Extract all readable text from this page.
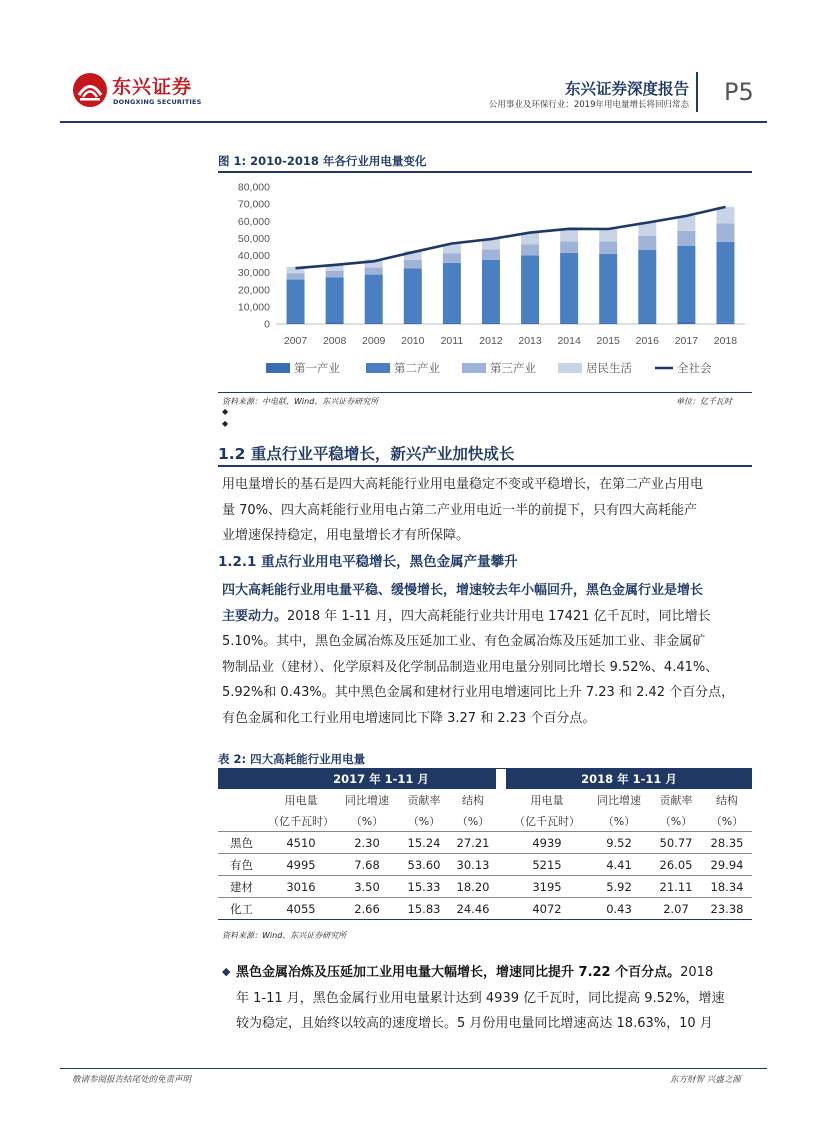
东兴证券
DONGXING SECURITIES
东兴证券深度报告
公用事业及环保行业：2019年用电量增长将回归常态 P5
图 1: 2010-2018 年各行业用电量变化
0
10,000
20,000
30,000
40,000
50,000
60,000
70,000
80,000
2007 2008 2009 2010 2011 2012 2013 2014 2015 2016 2017 2018
第一产业	第二产业	第三产业	居民生活	全社会
资料来源：中电联、Wind、东兴证券研究所	单位：亿千瓦时
◆
◆
1.2 重点行业平稳增长，新兴产业加快成长
用电量增长的基石是四大高耗能行业用电量稳定不变或平稳增长，在第二产业占用电
量 70%、四大高耗能行业用电占第二产业用电近一半的前提下，只有四大高耗能产
业增速保持稳定，用电量增长才有所保障。
1.2.1 重点行业用电平稳增长，黑色金属产量攀升
四大高耗能行业用电量平稳、缓慢增长，增速较去年小幅回升，黑色金属行业是增长
主要动力。2018 年 1-11 月，四大高耗能行业共计用电 17421 亿千瓦时，同比增长
5.10%。其中，黑色金属冶炼及压延加工业、有色金属冶炼及压延加工业、非金属矿
物制品业（建材）、化学原料及化学制品制造业用电量分别同比增长 9.52%、4.41%、
5.92%和 0.43%。其中黑色金属和建材行业用电增速同比上升 7.23 和 2.42 个百分点，
有色金属和化工行业用电增速同比下降 3.27 和 2.23 个百分点。
表 2: 四大高耗能行业用电量
	2017 年 1-11 月					2018 年 1-11 月			
	用电量	同比增速	贡献率	结构		用电量	同比增速	贡献率	结构
	（亿千瓦时）	（%）	（%）	（%）		（亿千瓦时）	（%）	（%）	（%）
黑色	4510	2.30	15.24	27.21		4939	9.52	50.77	28.35
有色	4995	7.68	53.60	30.13		5215	4.41	26.05	29.94
建材	3016	3.50	15.33	18.20		3195	5.92	21.11	18.34
化工	4055	2.66	15.83	24.46		4072	0.43	2.07	23.38
资料来源：Wind、东兴证券研究所
◆ 黑色金属冶炼及压延加工业用电量大幅增长，增速同比提升 7.22 个百分点。2018
年 1-11 月，黑色金属行业用电量累计达到 4939 亿千瓦时，同比提高 9.52%，增速
较为稳定，且始终以较高的速度增长。5 月份用电量同比增速高达 18.63%，10 月
敬请参阅报告结尾处的免责声明	东方财智 兴盛之源
